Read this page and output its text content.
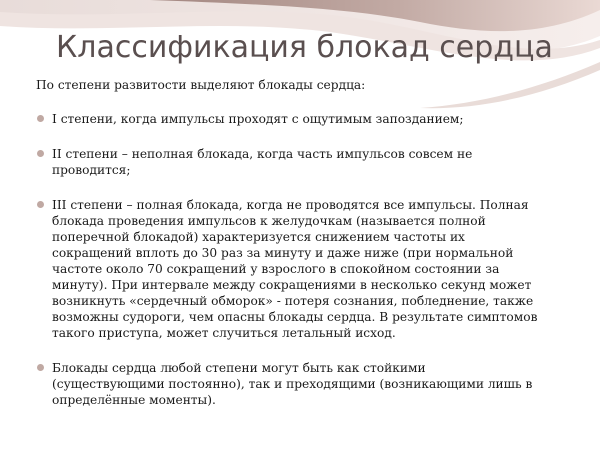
Классификация блокад сердца

По степени развитости выделяют блокады сердца:

I степени, когда импульсы проходят с ощутимым запозданием;
II степени – неполная блокада, когда часть импульсов совсем не
проводится;
III степени – полная блокада, когда не проводятся все импульсы. Полная
блокада проведения импульсов к желудочкам (называется полной
поперечной блокадой) характеризуется снижением частоты их
сокращений вплоть до 30 раз за минуту и даже ниже (при нормальной
частоте около 70 сокращений у взрослого в спокойном состоянии за
минуту). При интервале между сокращениями в несколько секунд может
возникнуть «сердечный обморок» - потеря сознания, побледнение, также
возможны судороги, чем опасны блокады сердца. В результате симптомов
такого приступа, может случиться летальный исход.
Блокады сердца любой степени могут быть как стойкими
(существующими постоянно), так и преходящими (возникающими лишь в
определённые моменты).
